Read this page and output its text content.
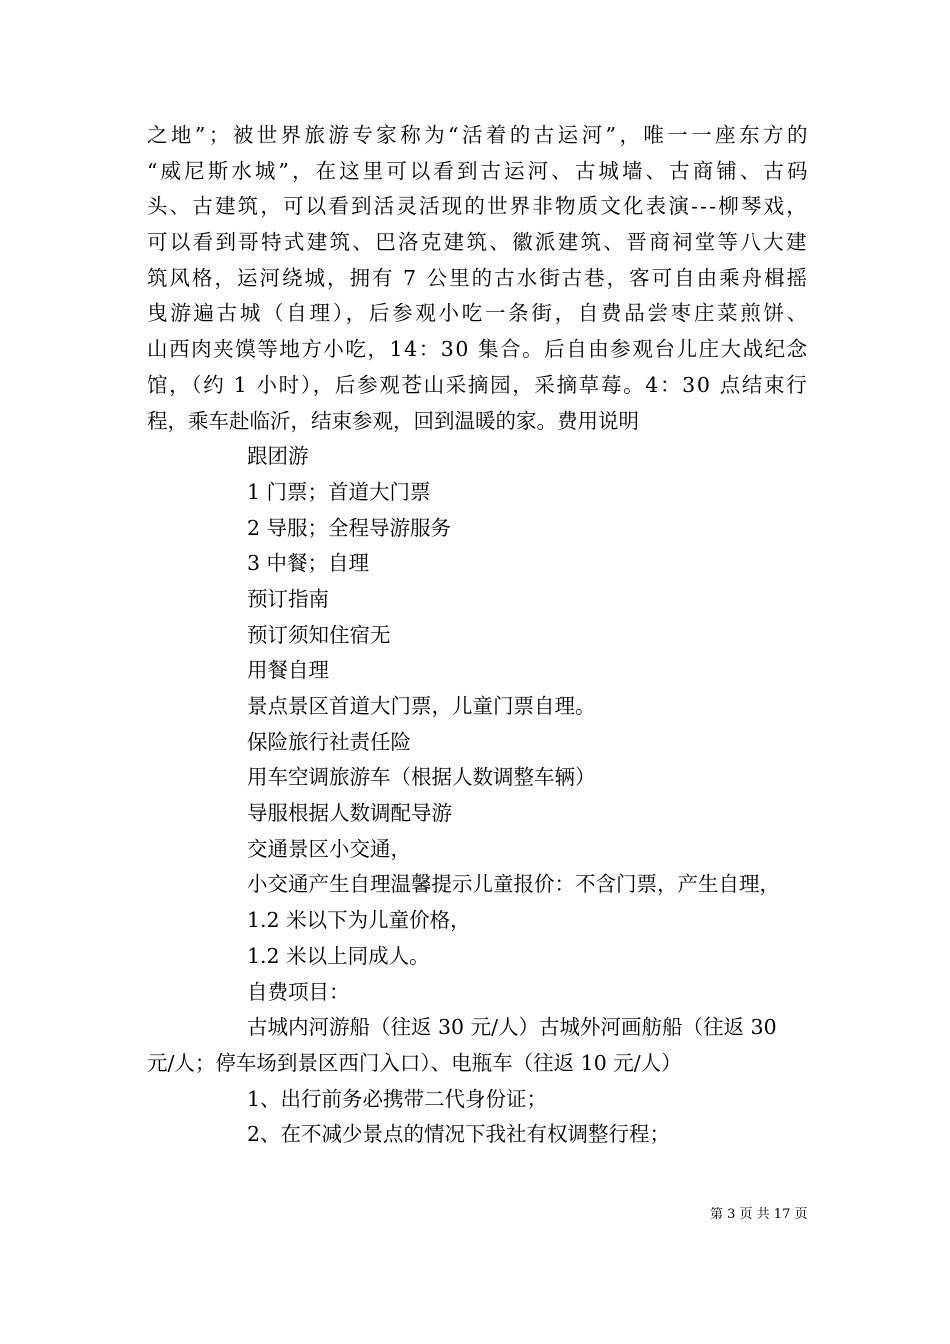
之地”；被世界旅游专家称为“活着的古运河”，唯一一座东方的
“威尼斯水城”，在这里可以看到古运河、古城墙、古商铺、古码
头、古建筑，可以看到活灵活现的世界非物质文化表演---柳琴戏，
可以看到哥特式建筑、巴洛克建筑、徽派建筑、晋商祠堂等八大建
筑风格，运河绕城，拥有 7 公里的古水街古巷，客可自由乘舟楫摇
曳游遍古城（自理），后参观小吃一条街，自费品尝枣庄菜煎饼、
山西肉夹馍等地方小吃，14：30 集合。后自由参观台儿庄大战纪念
馆，（约 1 小时），后参观苍山采摘园，采摘草莓。4：30 点结束行
程，乘车赴临沂，结束参观，回到温暖的家。费用说明
跟团游
1 门票；首道大门票
2 导服；全程导游服务
3 中餐；自理
预订指南
预订须知住宿无
用餐自理
景点景区首道大门票，儿童门票自理。
保险旅行社责任险
用车空调旅游车（根据人数调整车辆）
导服根据人数调配导游
交通景区小交通，
小交通产生自理温馨提示儿童报价：不含门票，产生自理，
1.2 米以下为儿童价格，
1.2 米以上同成人。
自费项目：
古城内河游船（往返 30 元/人）古城外河画舫船（往返 30
元/人；停车场到景区西门入口）、电瓶车（往返 10 元/人）
1、出行前务必携带二代身份证；
2、在不减少景点的情况下我社有权调整行程；
第 3 页 共 17 页
